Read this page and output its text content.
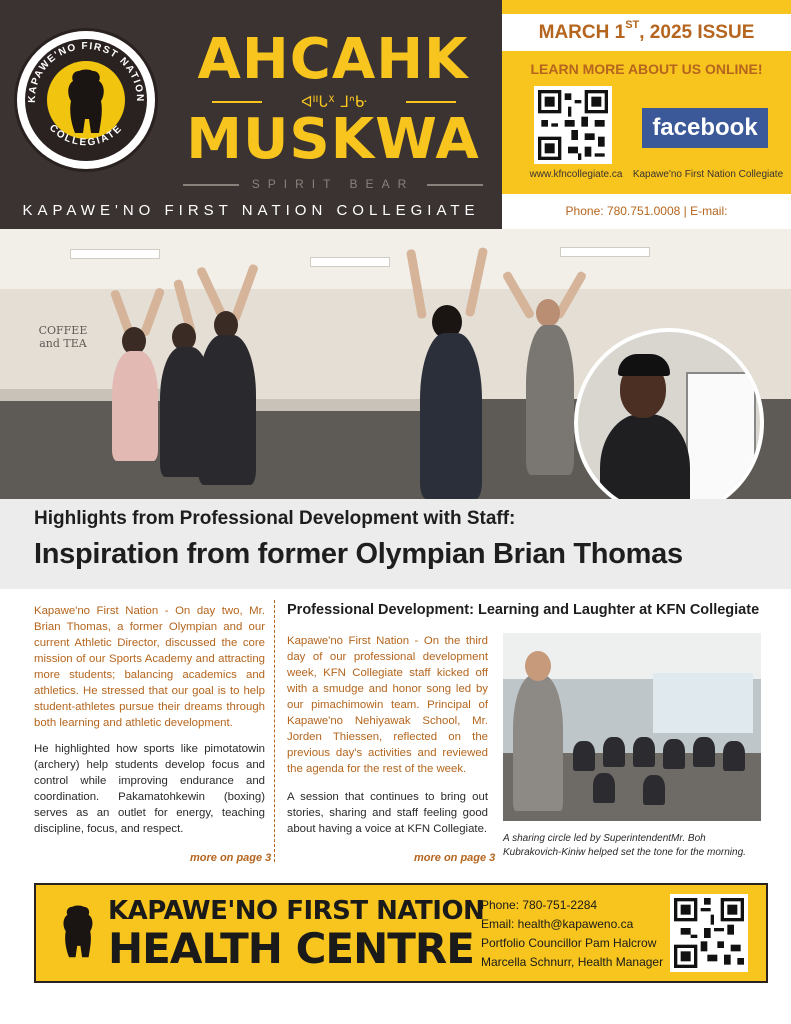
KAPAWE'NO FIRST NATION
COLLEGIATE
AHCAHK
ᐊᐦᒐᕽ ᒧᐢᑿ
MUSKWA
SPIRIT BEAR
KAPAWE'NO FIRST NATION COLLEGIATE
MARCH 1ST, 2025 ISSUE
LEARN MORE ABOUT US ONLINE!
facebook
www.kfncollegiate.ca	Kapawe'no First Nation Collegiate
Phone: 780.751.0008 | E-mail:
COFFEE and TEA
Highlights from Professional Development with Staff:
Inspiration from former Olympian Brian Thomas

Kapawe'no First Nation - On day two, Mr. Brian Thomas, a former Olympian and our current Athletic Director, discussed the core mission of our Sports Academy and attracting more students; balancing academics and athletics. He stressed that our goal is to help student-athletes pursue their dreams through both learning and athletic development.

He highlighted how sports like pimotatowin (archery) help students develop focus and control while improving endurance and coordination. Pakamatohkewin (boxing) serves as an outlet for energy, teaching discipline, focus, and respect.

more on page 3
Professional Development: Learning and Laughter at KFN Collegiate

Kapawe'no First Nation - On the third day of our professional development week, KFN Collegiate staff kicked off with a smudge and honor song led by our pimachimowin team. Principal of Kapawe'no Nehiyawak School, Mr. Jorden Thiessen, reflected on the previous day's activities and reviewed the agenda for the rest of the week.

A session that continues to bring out stories, sharing and staff feeling good about having a voice at KFN Collegiate.

more on page 3
A sharing circle led by SuperintendentMr. Boh Kubrakovich-Kiniw helped set the tone for the morning.
KAPAWE'NO FIRST NATION
HEALTH CENTRE
Phone: 780-751-2284
Email: health@kapaweno.ca
Portfolio Councillor Pam Halcrow
Marcella Schnurr, Health Manager
